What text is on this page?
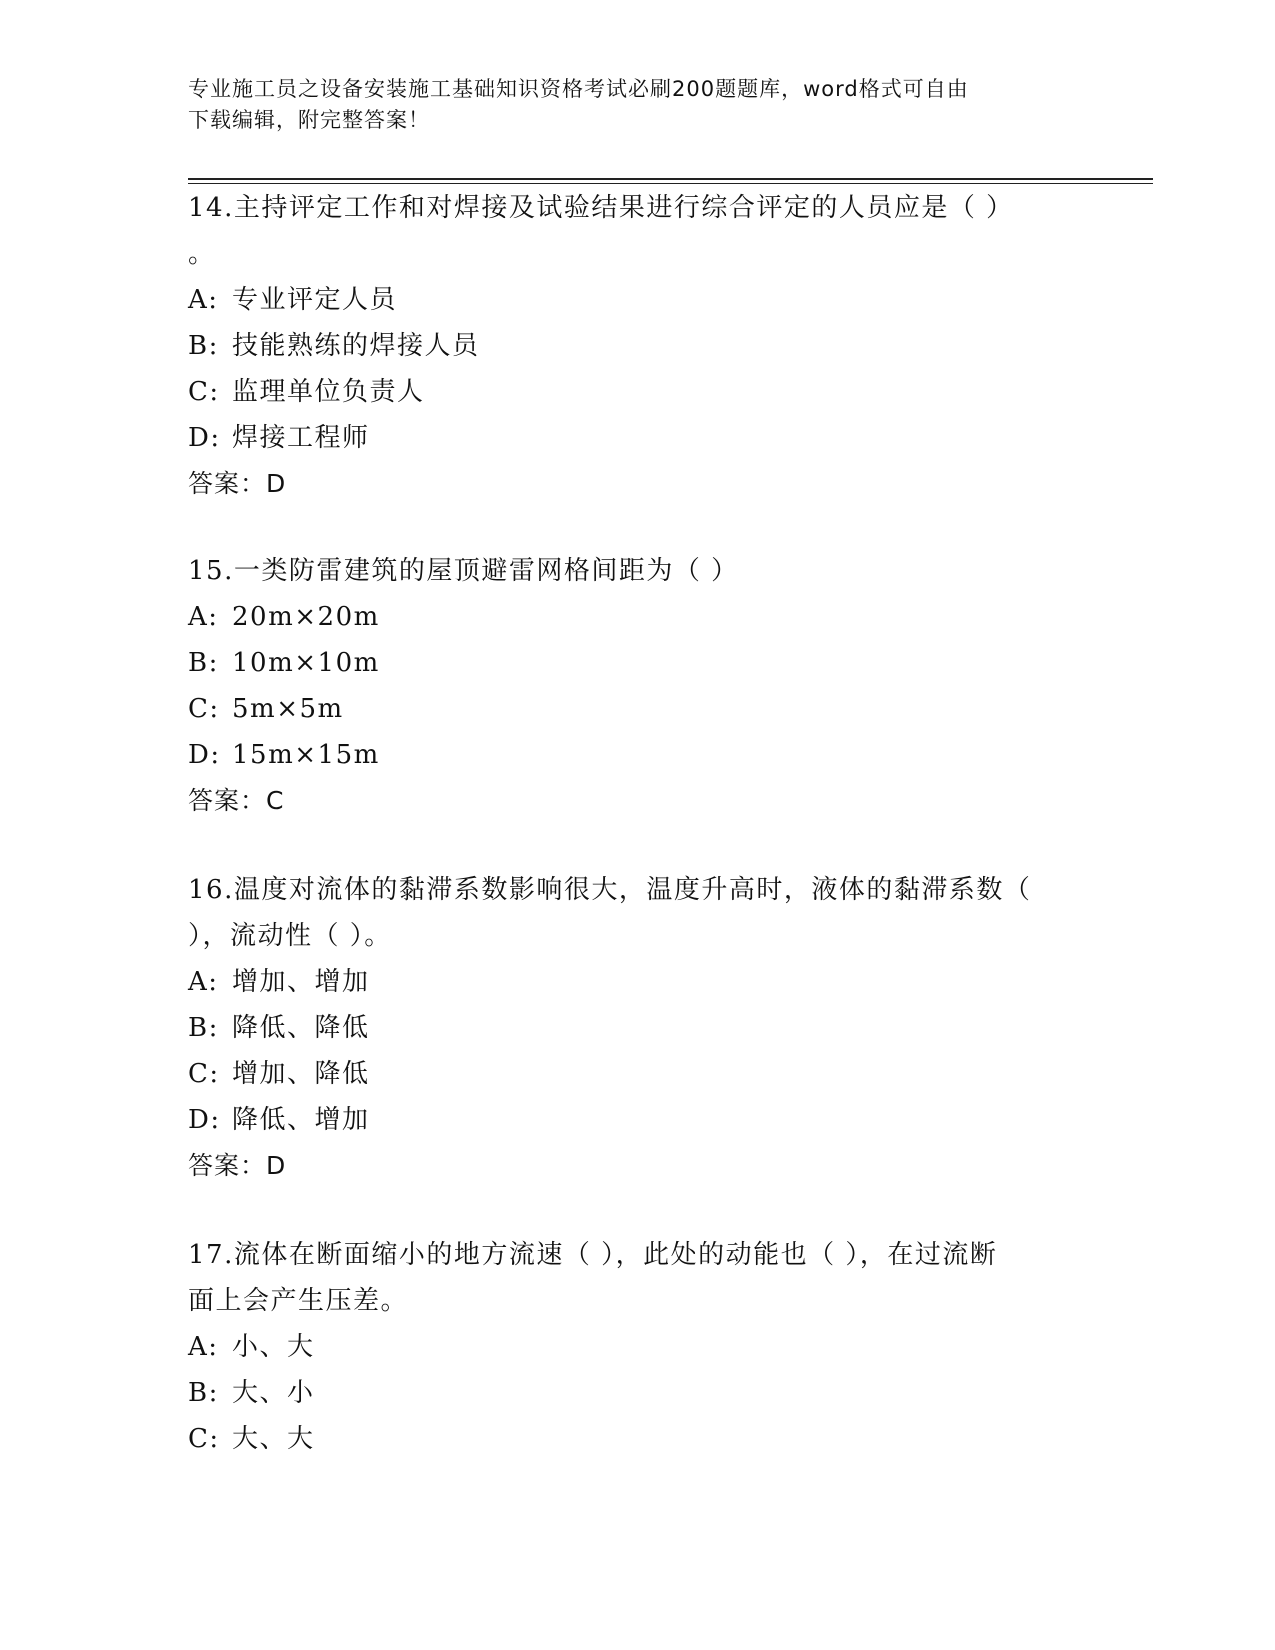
专业施工员之设备安装施工基础知识资格考试必刷200题题库，word格式可自由
下载编辑，附完整答案！
14.主持评定工作和对焊接及试验结果进行综合评定的人员应是（ ）
。
A: 专业评定人员
B: 技能熟练的焊接人员
C: 监理单位负责人
D: 焊接工程师
答案：D
15.一类防雷建筑的屋顶避雷网格间距为（ ）
A: 20m×20m
B: 10m×10m
C: 5m×5m
D: 15m×15m
答案：C
16.温度对流体的黏滞系数影响很大，温度升高时，液体的黏滞系数（
），流动性（ ）。
A: 增加、增加
B: 降低、降低
C: 增加、降低
D: 降低、增加
答案：D
17.流体在断面缩小的地方流速（ ），此处的动能也（ ），在过流断
面上会产生压差。
A: 小、大
B: 大、小
C: 大、大
